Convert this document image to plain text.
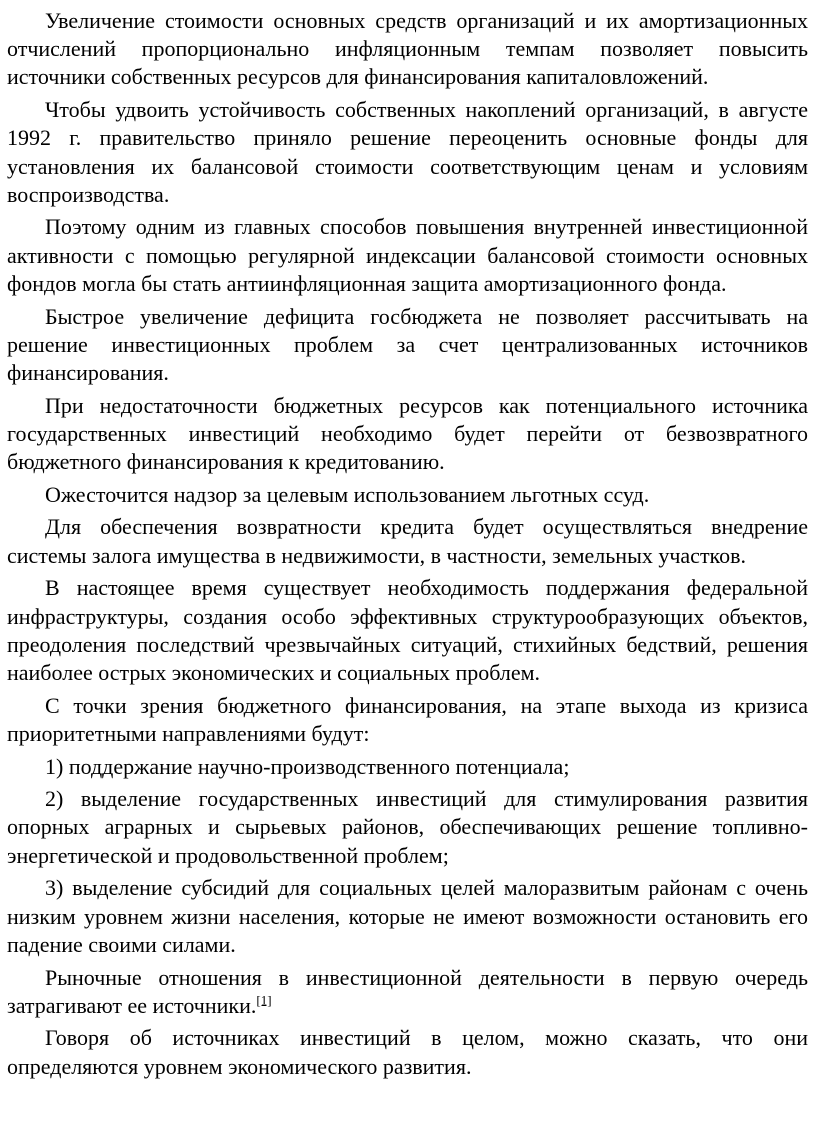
Увеличение стоимости основных средств организаций и их амортизационных отчислений пропорционально инфляционным темпам позволяет повысить источники собственных ресурсов для финансирования капиталовложений.

Чтобы удвоить устойчивость собственных накоплений организаций, в августе 1992 г. правительство приняло решение переоценить основные фонды для установления их балансовой стоимости соответствующим ценам и условиям воспроизводства.

Поэтому одним из главных способов повышения внутренней инвестиционной активности с помощью регулярной индексации балансовой стоимости основных фондов могла бы стать антиинфляционная защита амортизационного фонда.

Быстрое увеличение дефицита госбюджета не позволяет рассчитывать на решение инвестиционных проблем за счет централизованных источников финансирования.

При недостаточности бюджетных ресурсов как потенциального источника государственных инвестиций необходимо будет перейти от безвозвратного бюджетного финансирования к кредитованию.

Ожесточится надзор за целевым использованием льготных ссуд.

Для обеспечения возвратности кредита будет осуществляться внедрение системы залога имущества в недвижимости, в частности, земельных участков.

В настоящее время существует необходимость поддержания федеральной инфраструктуры, создания особо эффективных структурообразующих объектов, преодоления последствий чрезвычайных ситуаций, стихийных бедствий, решения наиболее острых экономических и социальных проблем.

С точки зрения бюджетного финансирования, на этапе выхода из кризиса приоритетными направлениями будут:

1) поддержание научно-производственного потенциала;

2) выделение государственных инвестиций для стимулирования развития опорных аграрных и сырьевых районов, обеспечивающих решение топливно-энергетической и продовольственной проблем;

3) выделение субсидий для социальных целей малоразвитым районам с очень низким уровнем жизни населения, которые не имеют возможности остановить его падение своими силами.

Рыночные отношения в инвестиционной деятельности в первую очередь затрагивают ее источники.[1]

Говоря об источниках инвестиций в целом, можно сказать, что они определяются уровнем экономического развития.
